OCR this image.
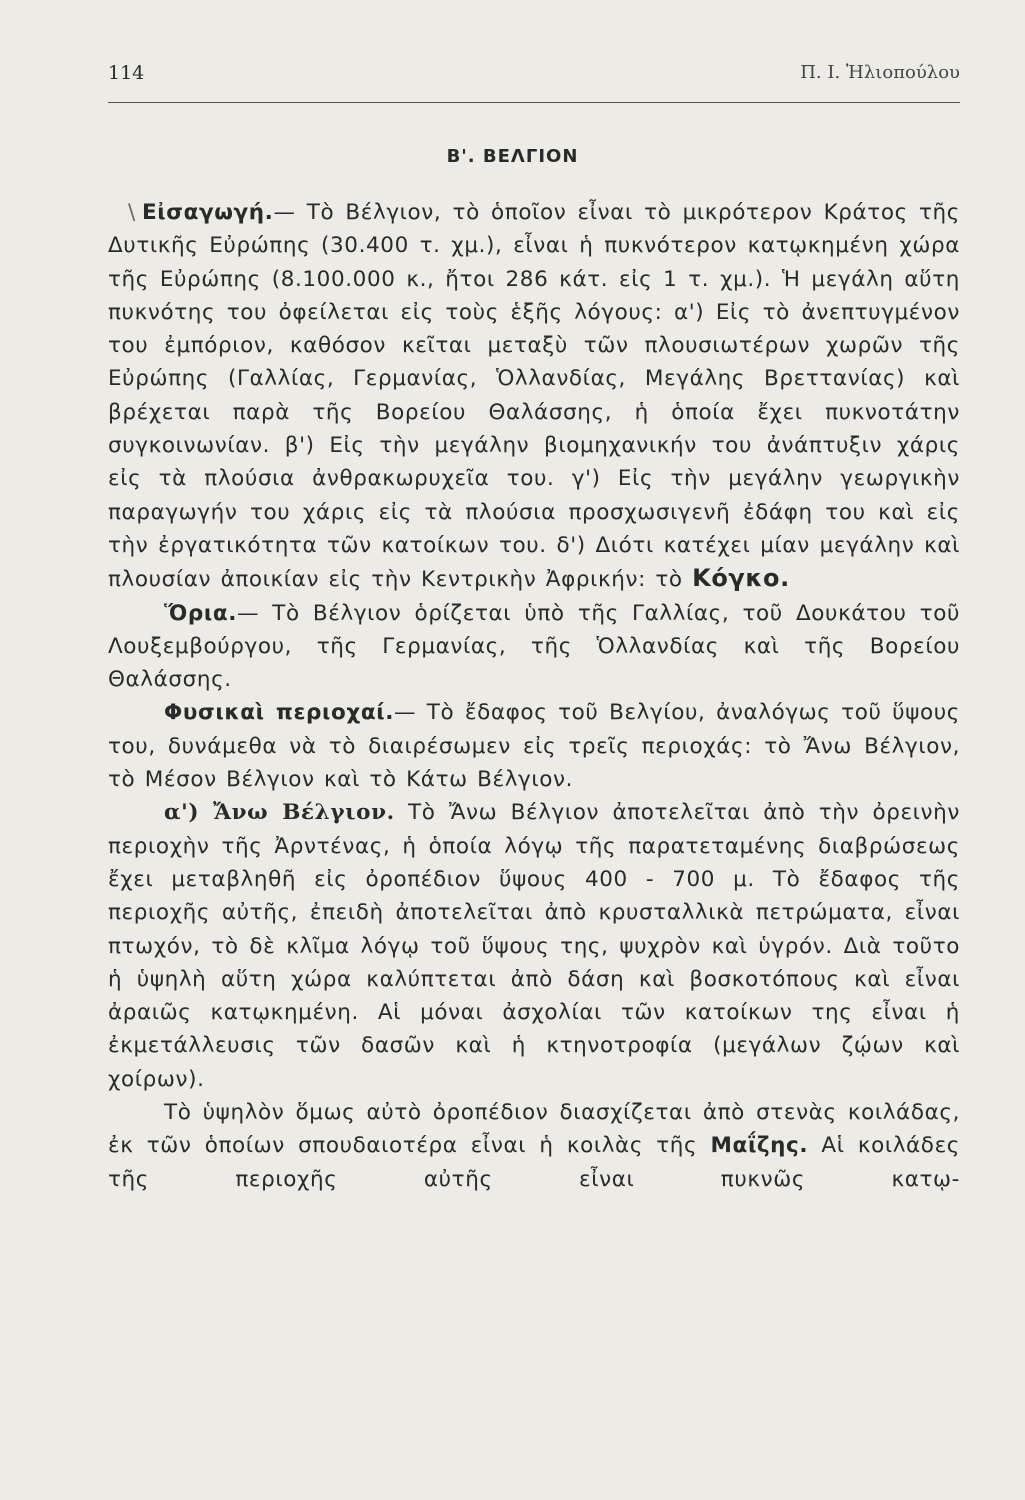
114	Π. Ι. Ἠλιοπούλου
Β'. ΒΕΛΓΙΟΝ

\ Εἰσαγωγή.— Τὸ Βέλγιον, τὸ ὁποῖον εἶναι τὸ μικρότερον Κράτος τῆς Δυτικῆς Εὐρώπης (30.400 τ. χμ.), εἶναι ἡ πυκνότερον κατῳκημένη χώρα τῆς Εὐρώπης (8.100.000 κ., ἤτοι 286 κάτ. εἰς 1 τ. χμ.). Ἡ μεγάλη αὕτη πυκνότης του ὀφείλεται εἰς τοὺς ἑξῆς λόγους: α') Εἰς τὸ ἀνεπτυγμένον του ἐμπόριον, καθόσον κεῖται μεταξὺ τῶν πλουσιωτέρων χωρῶν τῆς Εὐρώπης (Γαλλίας, Γερμανίας, Ὁλλανδίας, Μεγάλης Βρεττανίας) καὶ βρέχεται παρὰ τῆς Βορείου Θαλάσσης, ἡ ὁποία ἔχει πυκνοτάτην συγκοινωνίαν. β') Εἰς τὴν μεγάλην βιομηχανικήν του ἀνάπτυξιν χάρις εἰς τὰ πλούσια ἀνθρακωρυχεῖα του. γ') Εἰς τὴν μεγάλην γεωργικὴν παραγωγήν του χάρις εἰς τὰ πλούσια προσχωσιγενῆ ἐδάφη του καὶ εἰς τὴν ἐργατικότητα τῶν κατοίκων του. δ') Διότι κατέχει μίαν μεγάλην καὶ πλουσίαν ἀποικίαν εἰς τὴν Κεντρικὴν Ἀφρικήν: τὸ Κόγκο.

Ὅρια.— Τὸ Βέλγιον ὁρίζεται ὑπὸ τῆς Γαλλίας, τοῦ Δουκάτου τοῦ Λουξεμβούργου, τῆς Γερμανίας, τῆς Ὁλλανδίας καὶ τῆς Βορείου Θαλάσσης.

Φυσικαὶ περιοχαί.— Τὸ ἔδαφος τοῦ Βελγίου, ἀναλόγως τοῦ ὕψους του, δυνάμεθα νὰ τὸ διαιρέσωμεν εἰς τρεῖς περιοχάς: τὸ Ἄνω Βέλγιον, τὸ Μέσον Βέλγιον καὶ τὸ Κάτω Βέλγιον.

α') Ἄνω Βέλγιον. Τὸ Ἄνω Βέλγιον ἀποτελεῖται ἀπὸ τὴν ὀρεινὴν περιοχὴν τῆς Ἀρντένας, ἡ ὁποία λόγῳ τῆς παρατεταμένης διαβρώσεως ἔχει μεταβληθῆ εἰς ὀροπέδιον ὕψους 400 - 700 μ. Τὸ ἔδαφος τῆς περιοχῆς αὐτῆς, ἐπειδὴ ἀποτελεῖται ἀπὸ κρυσταλλικὰ πετρώματα, εἶναι πτωχόν, τὸ δὲ κλῖμα λόγῳ τοῦ ὕψους της, ψυχρὸν καὶ ὑγρόν. Διὰ τοῦτο ἡ ὑψηλὴ αὕτη χώρα καλύπτεται ἀπὸ δάση καὶ βοσκοτόπους καὶ εἶναι ἀραιῶς κατῳκημένη. Αἱ μόναι ἀσχολίαι τῶν κατοίκων της εἶναι ἡ ἐκμετάλλευσις τῶν δασῶν καὶ ἡ κτηνοτροφία (μεγάλων ζῴων καὶ χοίρων).

Τὸ ὑψηλὸν ὅμως αὐτὸ ὀροπέδιον διασχίζεται ἀπὸ στενὰς κοιλάδας, ἐκ τῶν ὁποίων σπουδαιοτέρα εἶναι ἡ κοιλὰς τῆς Μαΐζης. Αἱ κοιλάδες τῆς περιοχῆς αὐτῆς εἶναι πυκνῶς κατῳ-
